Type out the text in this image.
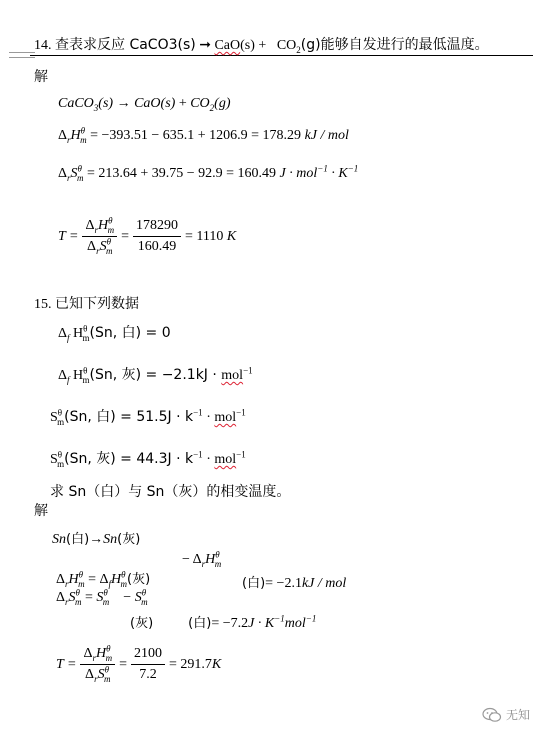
14. 查表求反应 CaCO3(s) ➞ $CaO(s) + CO_2(g)$能够自发进行的最低温度。
解
CaCO$_3$(s) → $CaO(s) + CO_2(g)$
$\Delta_rH^\theta_m = -393.51 - 635.1 + 1206.9 = 178.29$ kJ / mol
$\Delta_rS^\theta_m = 213.64 + 39.75 - 92.9 = 160.49$ $J \cdot mol^{-1} \cdot K^{-1}$
$T = \frac{\Delta_rH^\theta_m}{\Delta_rS^\theta_m} = \frac{178290}{160.49} = 1110$
K
15. 已知下列数据
$\Delta_f$ $H^\theta_m(Sn$, 白) = 0
$\Delta_f$ $H^\theta_m(Sn$, 灰) = −2.1kJ · mol$^{-1}$
$S^\theta_m(Sn$, 白) = $51.5J \cdot k^{-1} \cdot mol^{-1}$
$S^\theta_m(Sn$, 灰) = $44.3J \cdot k^{-1} \cdot mol^{-1}$
求 Sn（白）与 Sn（灰）的相变温度。
解
Sn(白)→Sn(灰)
− $\Delta_rH^\theta_m$
$\Delta_rH^\theta_m = \Delta_fH^\theta_m$(灰)	(白)= −2.1kJ / mol
$\Delta_rS^\theta_m = S^\theta_m - S^\theta_m$
(灰)	(白)= $-7.2J \cdot K^{-1}mol^{-1}$
$T = \frac{\Delta_rH^\theta_m}{\Delta_rS^\theta_m} = \frac{2100}{7.2} = 291.7$ K
无知
